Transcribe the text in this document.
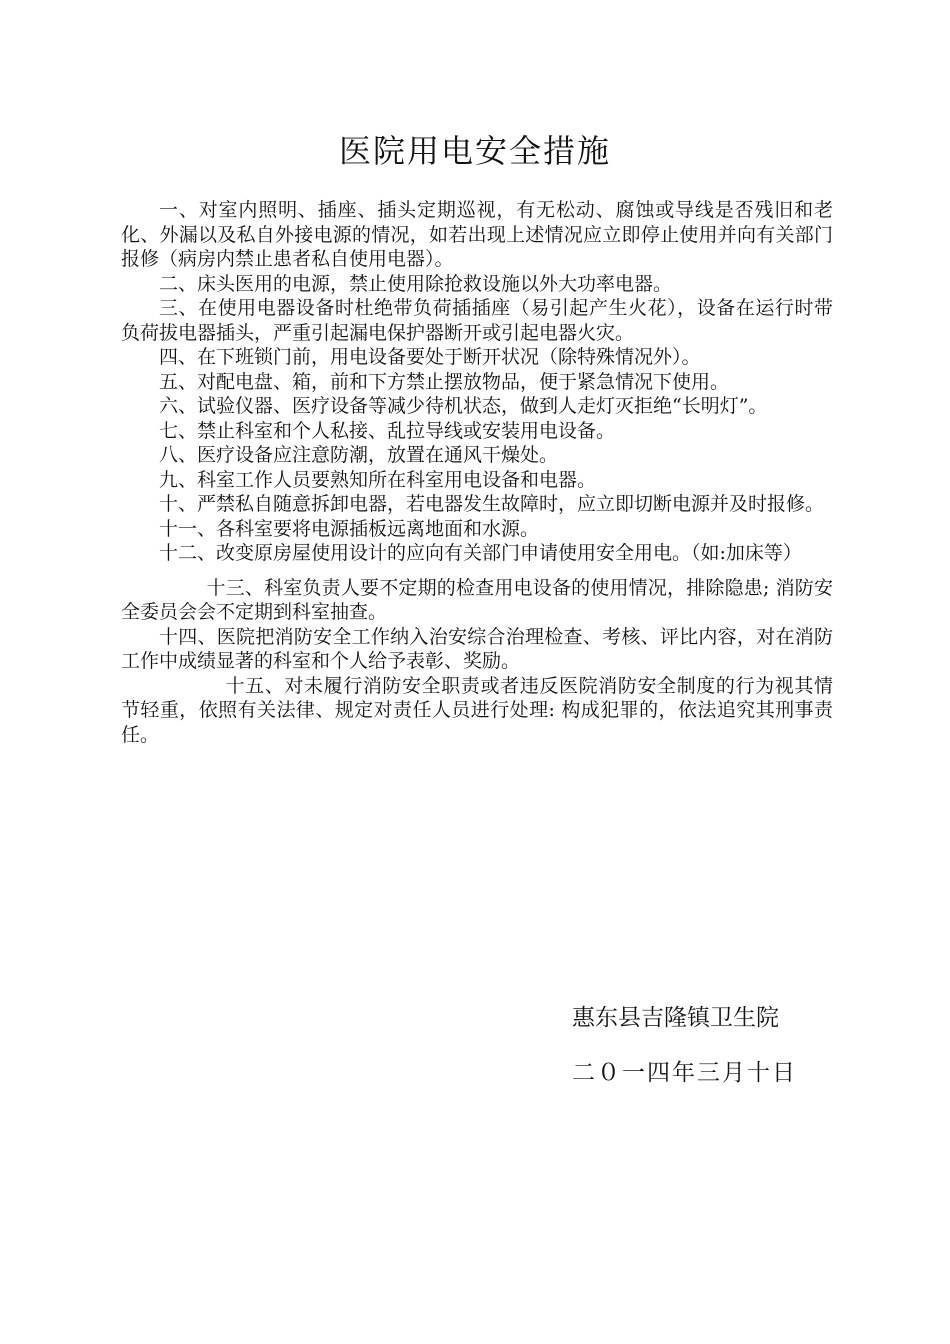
医院用电安全措施

一、对室内照明、插座、插头定期巡视，有无松动、腐蚀或导线是否残旧和老化、外漏以及私自外接电源的情况，如若出现上述情况应立即停止使用并向有关部门报修（病房内禁止患者私自使用电器）。

二、床头医用的电源，禁止使用除抢救设施以外大功率电器。

三、在使用电器设备时杜绝带负荷插插座（易引起产生火花），设备在运行时带负荷拔电器插头，严重引起漏电保护器断开或引起电器火灾。

四、在下班锁门前，用电设备要处于断开状况（除特殊情况外）。

五、对配电盘、箱，前和下方禁止摆放物品，便于紧急情况下使用。

六、试验仪器、医疗设备等减少待机状态，做到人走灯灭拒绝“长明灯”。

七、禁止科室和个人私接、乱拉导线或安装用电设备。

八、医疗设备应注意防潮，放置在通风干燥处。

九、科室工作人员要熟知所在科室用电设备和电器。

十、严禁私自随意拆卸电器，若电器发生故障时，应立即切断电源并及时报修。

十一、各科室要将电源插板远离地面和水源。

十二、改变原房屋使用设计的应向有关部门申请使用安全用电。（如:加床等）

十三、科室负责人要不定期的检查用电设备的使用情况，排除隐患; 消防安全委员会会不定期到科室抽查。

十四、医院把消防安全工作纳入治安综合治理检查、考核、评比内容，对在消防工作中成绩显著的科室和个人给予表彰、奖励。

十五、对未履行消防安全职责或者违反医院消防安全制度的行为视其情节轻重，依照有关法律、规定对责任人员进行处理: 构成犯罪的，依法追究其刑事责任。

惠东县吉隆镇卫生院
二０一四年三月十日
